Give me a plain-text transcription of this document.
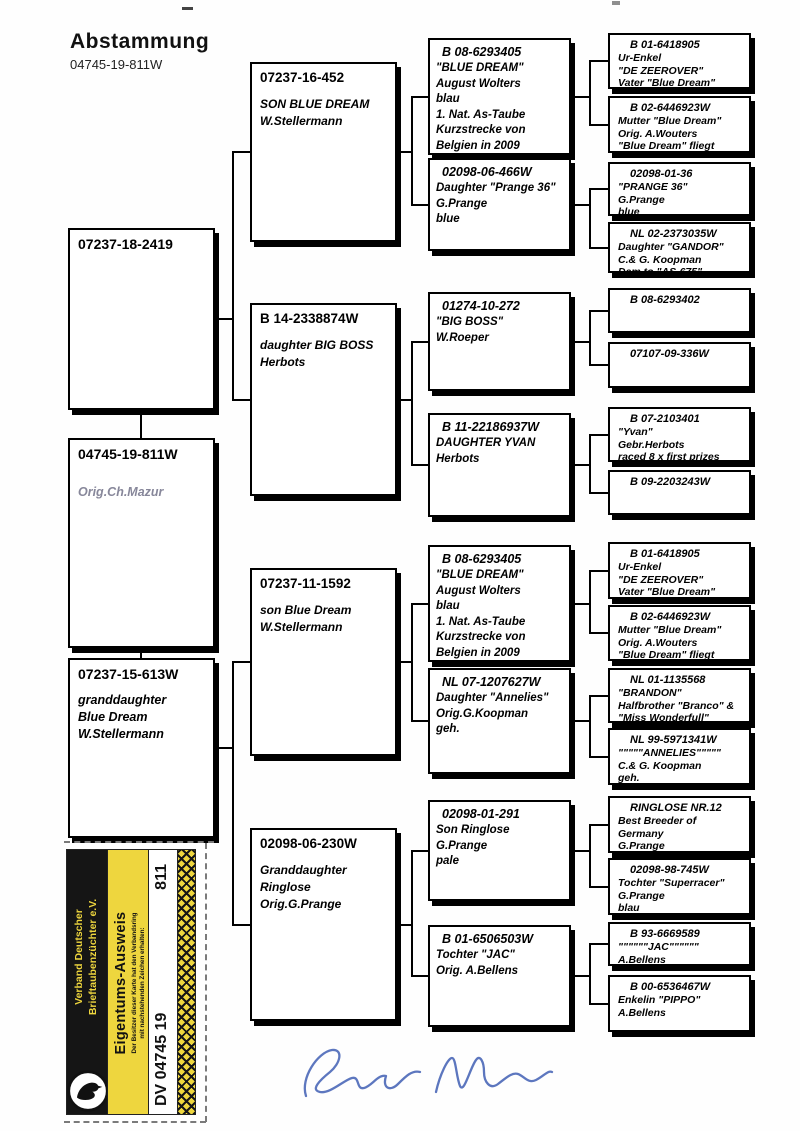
Abstammung
04745-19-811W
07237-18-2419
04745-19-811W
Orig.Ch.Mazur
07237-15-613W
granddaughter
Blue Dream
W.Stellermann
07237-16-452
SON BLUE DREAM
W.Stellermann
B 14-2338874W
daughter BIG BOSS
Herbots
07237-11-1592
son Blue Dream
W.Stellermann
02098-06-230W
Granddaughter
Ringlose
Orig.G.Prange
B 08-6293405
"BLUE DREAM"
August Wolters
blau
1. Nat. As-Taube
Kurzstrecke von
Belgien in 2009
02098-06-466W
Daughter "Prange 36"
G.Prange
blue
01274-10-272
"BIG BOSS"
W.Roeper
B 11-22186937W
DAUGHTER YVAN
Herbots
B 08-6293405
"BLUE DREAM"
August Wolters
blau
1. Nat. As-Taube
Kurzstrecke von
Belgien in 2009
NL 07-1207627W
Daughter "Annelies"
Orig.G.Koopman
geh.
02098-01-291
Son Ringlose
G.Prange
pale
B 01-6506503W
Tochter "JAC"
Orig. A.Bellens
B 01-6418905
Ur-Enkel
"DE ZEEROVER"
Vater "Blue Dream"
B 02-6446923W
Mutter "Blue Dream"
Orig. A.Wouters
"Blue Dream" fliegt
02098-01-36
"PRANGE 36"
G.Prange
blue
NL 02-2373035W
Daughter "GANDOR"
C.& G. Koopman
Dam to "AS-675"
B 08-6293402
07107-09-336W
B 07-2103401
"Yvan"
Gebr.Herbots
raced 8 x first prizes
B 09-2203243W
B 01-6418905
Ur-Enkel
"DE ZEEROVER"
Vater "Blue Dream"
B 02-6446923W
Mutter "Blue Dream"
Orig. A.Wouters
"Blue Dream" fliegt
NL 01-1135568
"BRANDON"
Halfbrother "Branco" &
"Miss Wonderfull"
NL 99-5971341W
"""""ANNELIES"""""
C.& G. Koopman
geh.
RINGLOSE NR.12
Best Breeder of
Germany
G.Prange
02098-98-745W
Tochter "Superracer"
G.Prange
blau
B 93-6669589
""""""JAC""""""
A.Bellens
B 00-6536467W
Enkelin "PIPPO"
A.Bellens
Verband Deutscher Brieftaubenzüchter e.V. Eigentums-Ausweis Der Besitzer dieser Karte hat den Verbandsring mit nachstehenden Zeichen erhalten:
DV 04745 19
811
